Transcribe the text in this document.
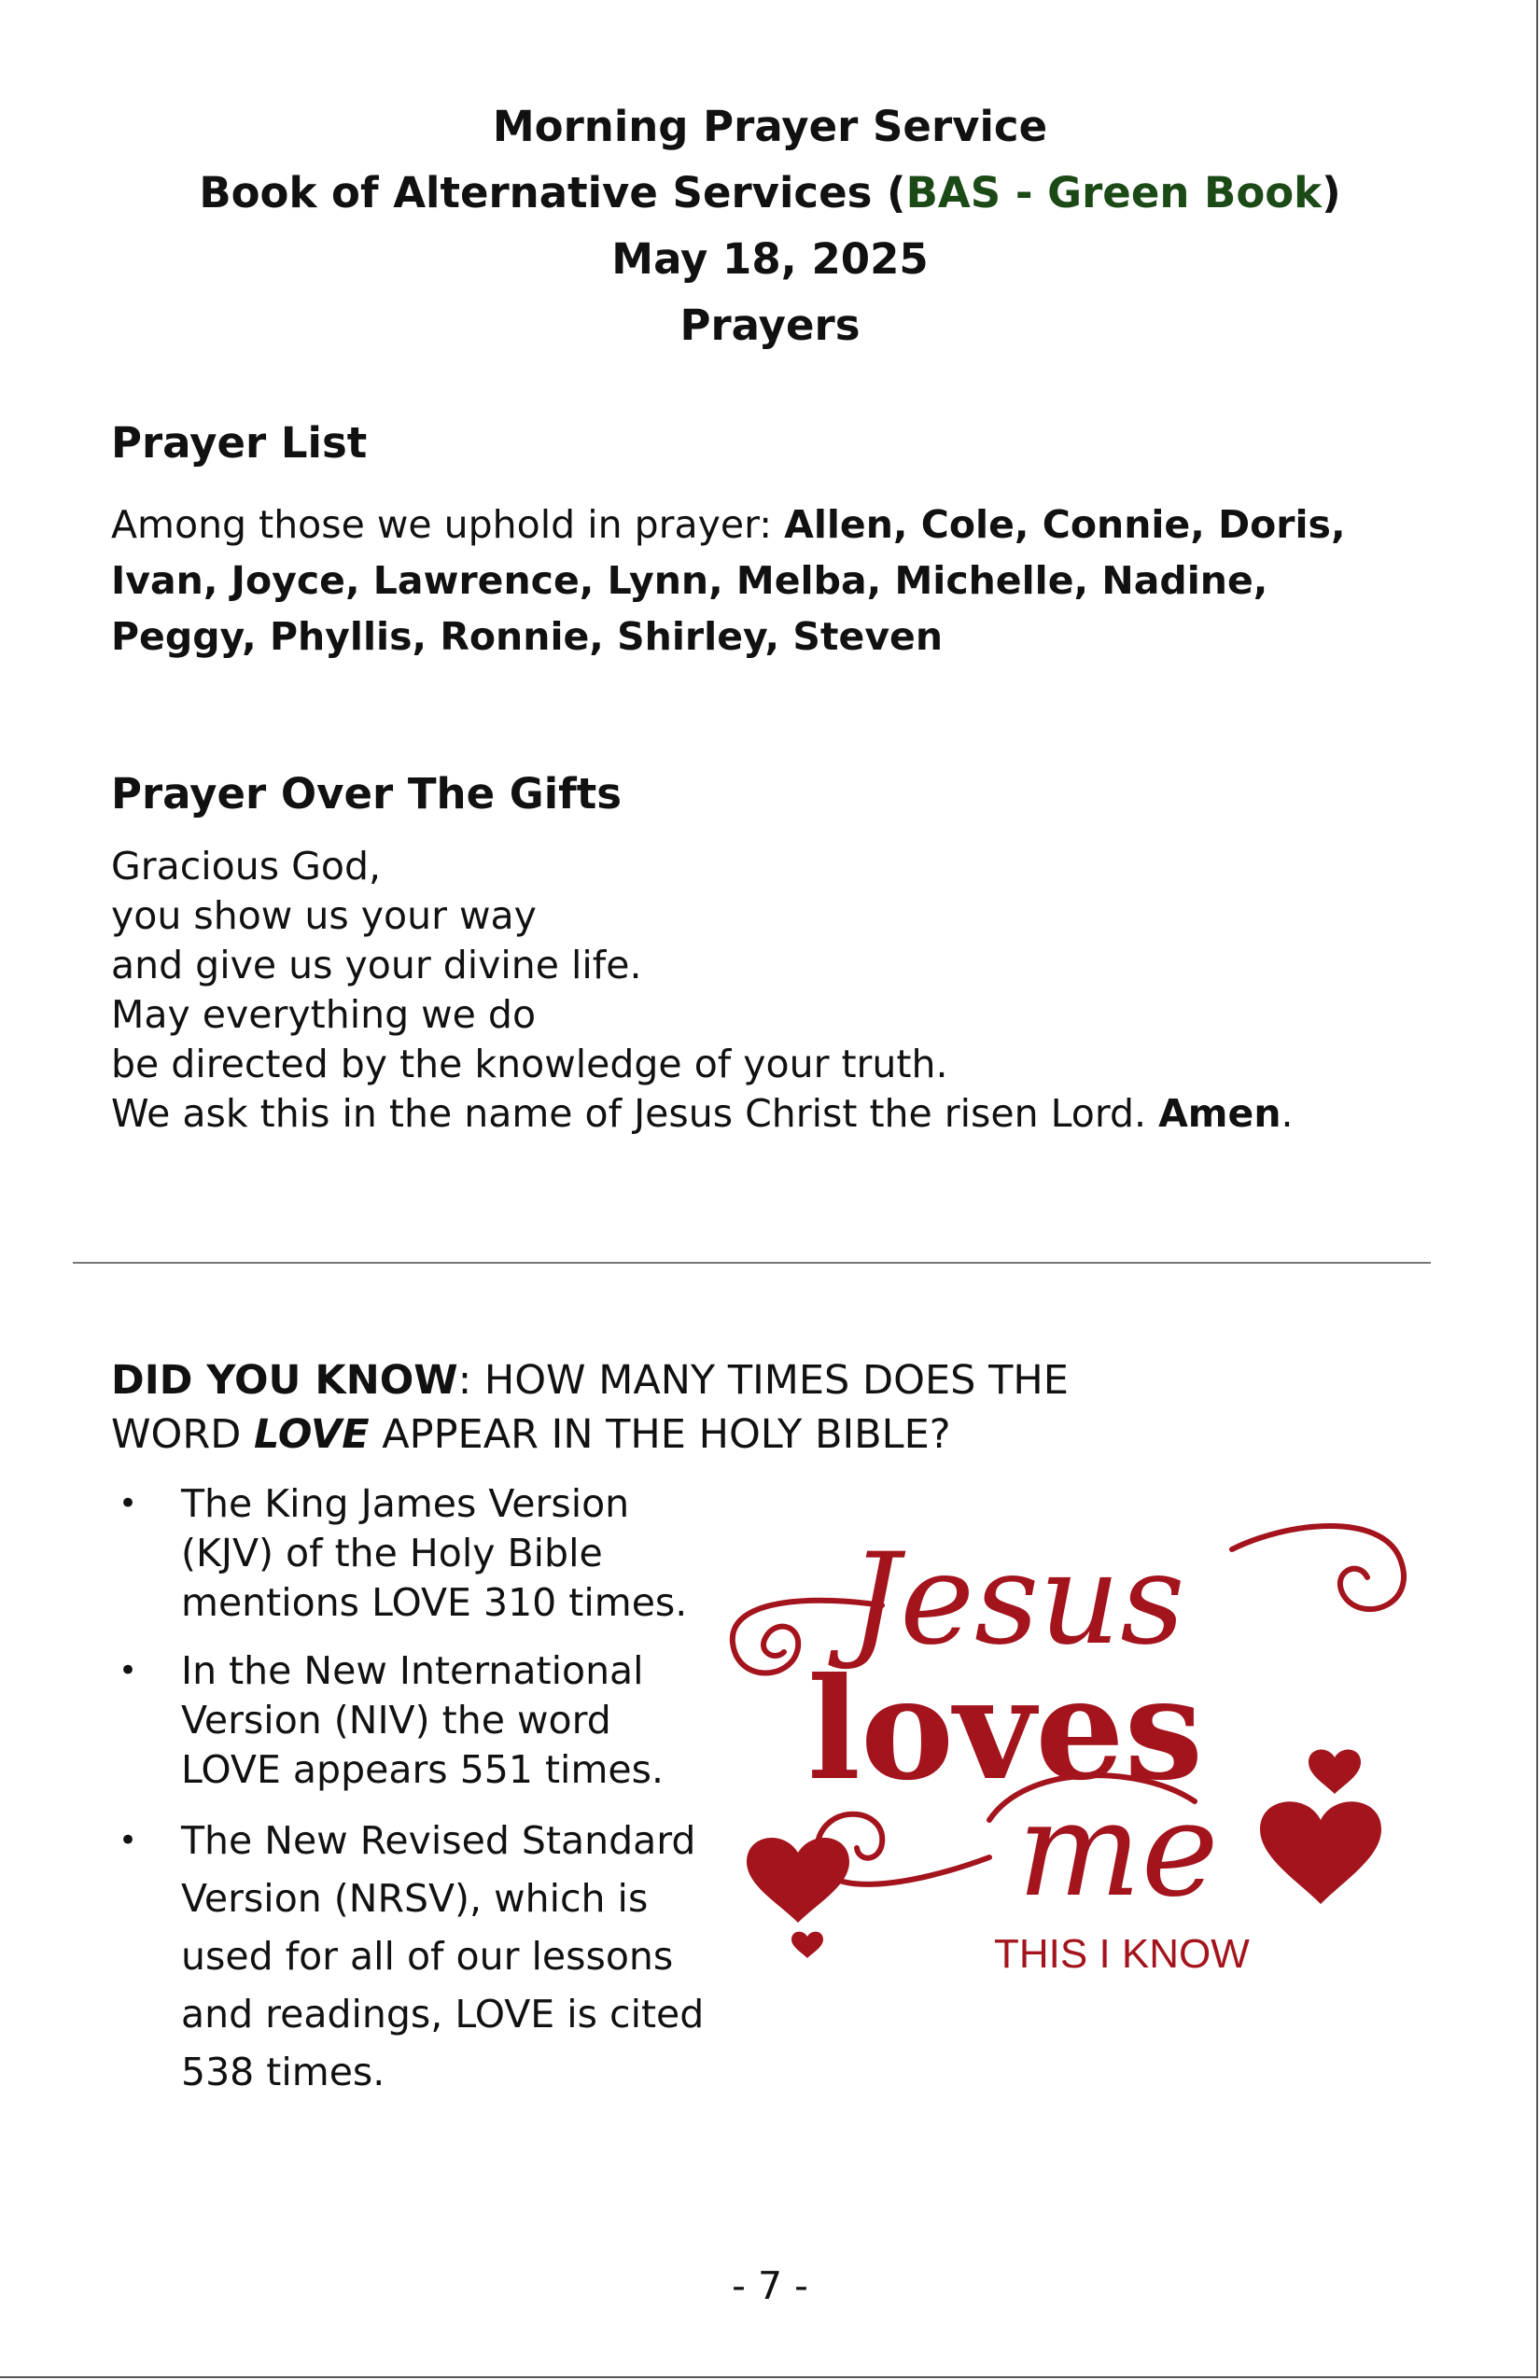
Morning Prayer Service
Book of Alternative Services (BAS - Green Book)
May 18, 2025
Prayers
Prayer List
Among those we uphold in prayer: Allen, Cole, Connie, Doris, Ivan, Joyce, Lawrence, Lynn, Melba, Michelle, Nadine, Peggy, Phyllis, Ronnie, Shirley, Steven
Prayer Over The Gifts
Gracious God,
you show us your way
and give us your divine life.
May everything we do
be directed by the knowledge of your truth.
We ask this in the name of Jesus Christ the risen Lord. Amen.
DID YOU KNOW: HOW MANY TIMES DOES THE
WORD LOVE APPEAR IN THE HOLY BIBLE?
• The King James Version (KJV) of the Holy Bible mentions LOVE 310 times.
• In the New International Version (NIV) the word LOVE appears 551 times.
• The New Revised Standard Version (NRSV), which is used for all of our lessons and readings, LOVE is cited 538 times.
Jesus
loves
me
THIS I KNOW
- 7 -
